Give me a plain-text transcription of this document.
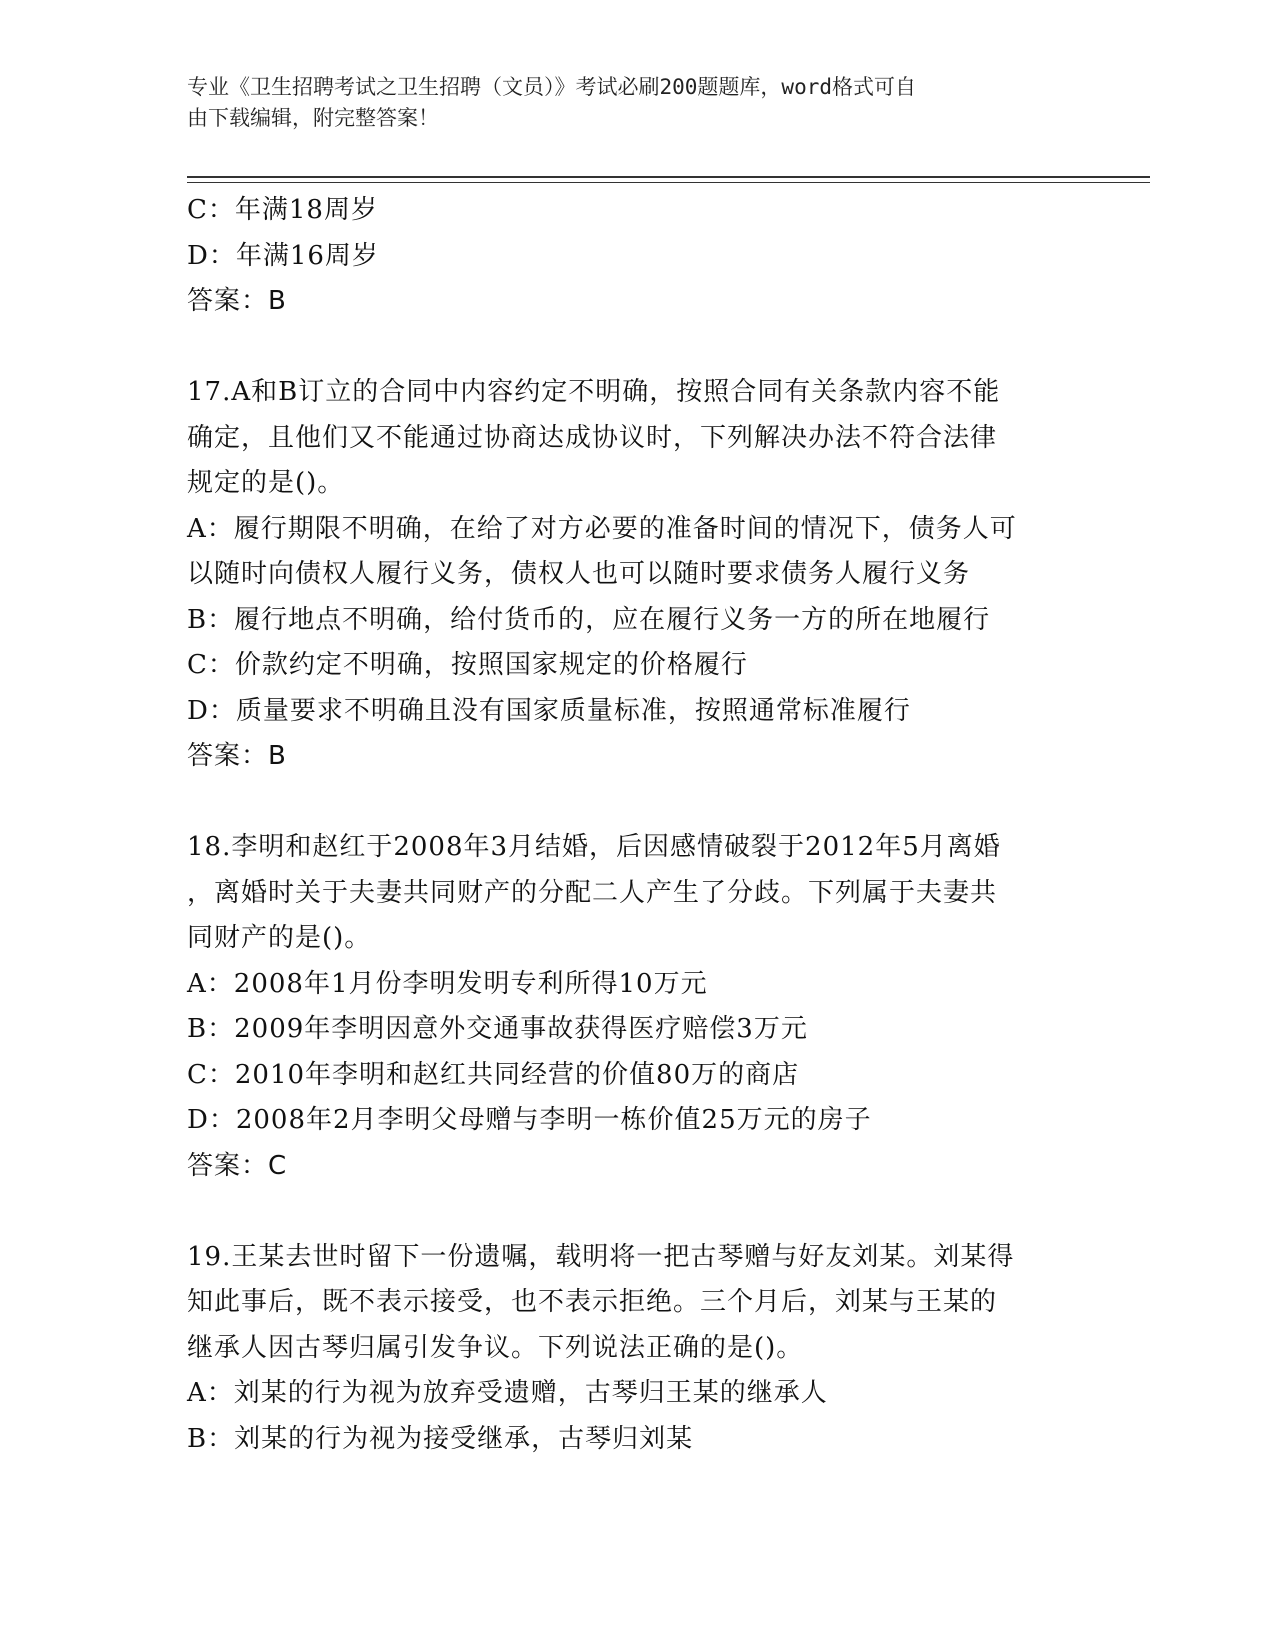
专业《卫生招聘考试之卫生招聘（文员）》考试必刷200题题库，word格式可自
由下载编辑，附完整答案！
C：年满18周岁
D：年满16周岁
答案：B
17.A和B订立的合同中内容约定不明确，按照合同有关条款内容不能
确定，且他们又不能通过协商达成协议时，下列解决办法不符合法律
规定的是()。
A：履行期限不明确，在给了对方必要的准备时间的情况下，债务人可
以随时向债权人履行义务，债权人也可以随时要求债务人履行义务
B：履行地点不明确，给付货币的，应在履行义务一方的所在地履行
C：价款约定不明确，按照国家规定的价格履行
D：质量要求不明确且没有国家质量标准，按照通常标准履行
答案：B
18.李明和赵红于2008年3月结婚，后因感情破裂于2012年5月离婚
，离婚时关于夫妻共同财产的分配二人产生了分歧。下列属于夫妻共
同财产的是()。
A：2008年1月份李明发明专利所得10万元
B：2009年李明因意外交通事故获得医疗赔偿3万元
C：2010年李明和赵红共同经营的价值80万的商店
D：2008年2月李明父母赠与李明一栋价值25万元的房子
答案：C
19.王某去世时留下一份遗嘱，载明将一把古琴赠与好友刘某。刘某得
知此事后，既不表示接受，也不表示拒绝。三个月后，刘某与王某的
继承人因古琴归属引发争议。下列说法正确的是()。
A：刘某的行为视为放弃受遗赠，古琴归王某的继承人
B：刘某的行为视为接受继承，古琴归刘某
